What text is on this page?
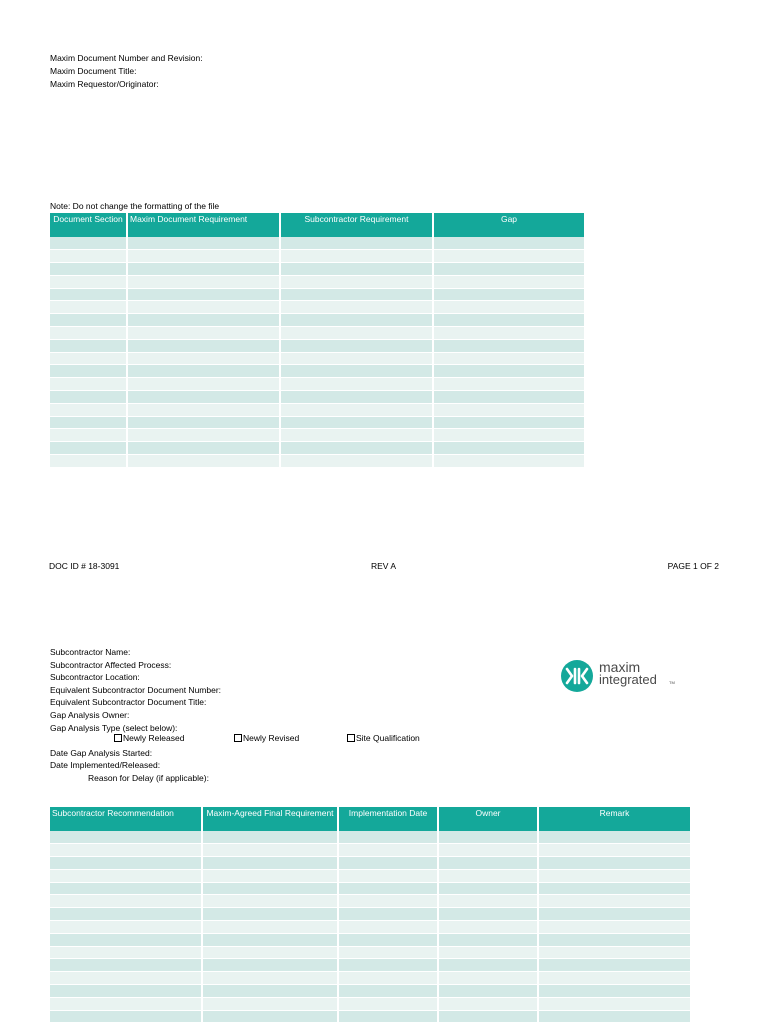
Maxim Document Number and Revision:
Maxim Document Title:
Maxim Requestor/Originator:
Note: Do not change the formatting of the file
Document Section	Maxim Document Requirement	Subcontractor Requirement	Gap

DOC ID # 18-3091	REV A	PAGE 1 OF 2
Subcontractor Name:
Subcontractor Affected Process:
Subcontractor Location:
Equivalent Subcontractor Document Number:
Equivalent Subcontractor Document Title:
Gap Analysis Owner:
Gap Analysis Type (select below):
Date Gap Analysis Started:
Date Implemented/Released:
Reason for Delay (if applicable):
Newly Released	Newly Revised	Site Qualification
maxim
integrated	TM
Subcontractor Recommendation	Maxim-Agreed Final Requirement	Implementation Date	Owner	Remark
